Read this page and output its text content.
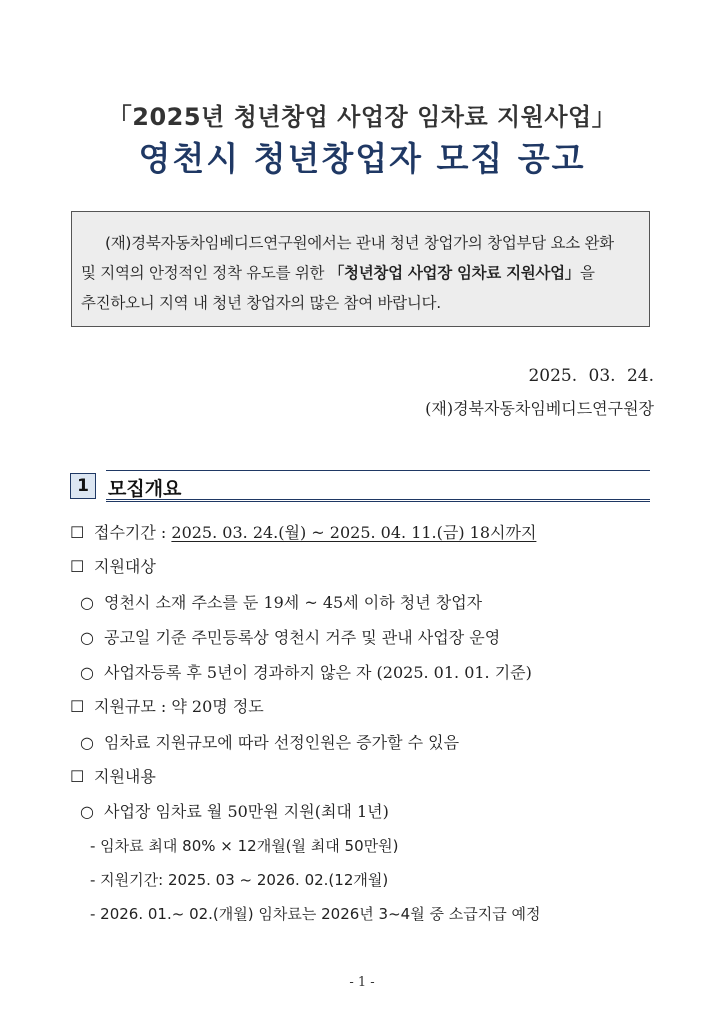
「2025년 청년창업 사업장 임차료 지원사업」
영천시 청년창업자 모집 공고
(재)경북자동차임베디드연구원에서는 관내 청년 창업가의 창업부담 요소 완화
및 지역의 안정적인 정착 유도를 위한 「청년창업 사업장 임차료 지원사업」을
추진하오니 지역 내 청년 창업자의 많은 참여 바랍니다.
2025. 03. 24.
(재)경북자동차임베디드연구원장
1	모집개요
☐ 접수기간 : 2025. 03. 24.(월) ~ 2025. 04. 11.(금) 18시까지
☐ 지원대상
○ 영천시 소재 주소를 둔 19세 ~ 45세 이하 청년 창업자
○ 공고일 기준 주민등록상 영천시 거주 및 관내 사업장 운영
○ 사업자등록 후 5년이 경과하지 않은 자 (2025. 01. 01. 기준)
☐ 지원규모 : 약 20명 정도
○ 임차료 지원규모에 따라 선정인원은 증가할 수 있음
☐ 지원내용
○ 사업장 임차료 월 50만원 지원(최대 1년)
- 임차료 최대 80% × 12개월(월 최대 50만원)
- 지원기간: 2025. 03 ~ 2026. 02.(12개월)
- 2026. 01.~ 02.(개월) 임차료는 2026년 3~4월 중 소급지급 예정
- 1 -
